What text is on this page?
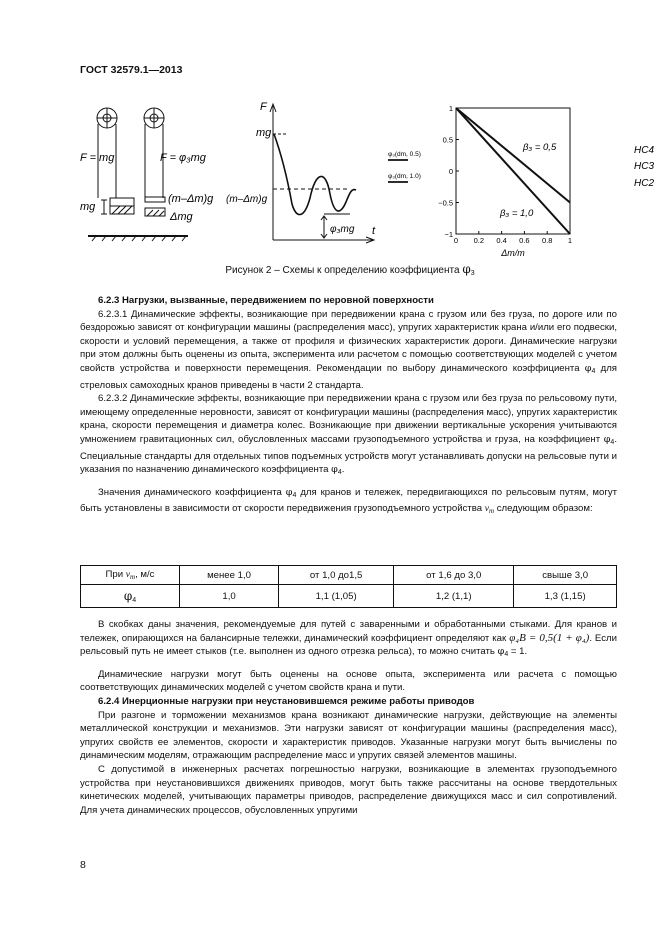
ГОСТ 32579.1—2013
F = mg	F = φ₃mg
mg
(m–Δm)g (m–Δm)g
Δmg
F
mg
φ₃mg t
1
0.5
0
−0.5
−1
0 0.2 0.4 0.6 0.8 1
Δm/m
φ₃(dm, 0.5)
φ₃(dm, 1.0)
β₃ = 0,5
β₃ = 1,0
HC4
HC3
HC2
Рисунок 2 – Схемы к определению коэффициента $\varphi_3$
6.2.3 Нагрузки, вызванные, передвижением по неровной поверхности

6.2.3.1 Динамические эффекты, возникающие при передвижении крана с грузом или без груза, по дороге или по бездорожью зависят от конфигурации машины (распределения масс), упругих характеристик крана и/или его подвески, скорости и условий перемещения, а также от профиля и физических характеристик дороги. Динамические нагрузки при этом должны быть оценены из опыта, эксперимента или расчетом с помощью соответствующих моделей с учетом свойств устройства и поверхности перемещения. Рекомендации по выбору динамического коэффициента $\varphi_4$ для стреловых самоходных кранов приведены в части 2 стандарта.

6.2.3.2 Динамические эффекты, возникающие при передвижении крана с грузом или без груза по рельсовому пути, имеющему определенные неровности, зависят от конфигурации машины (распределения масс), упругих характеристик крана, скорости перемещения и диаметра колес. Возникающие при движении вертикальные ускорения учитываются умножением гравитационных сил, обусловленных массами грузоподъемного устройства и груза, на коэффициент $\varphi_4$. Специальные стандарты для отдельных типов подъемных устройств могут устанавливать допуски на рельсовые пути и указания по назначению динамического коэффициента $\varphi_4$.

Значения динамического коэффициента $\varphi_4$ для кранов и тележек, передвигающихся по рельсовым путям, могут быть установлены в зависимости от скорости передвижения грузоподъемного устройства $v_т$ следующим образом:

При $v_m$, м/с	менее 1,0	от 1,0 до1,5	от 1,6 до 3,0	свыше 3,0
$\varphi_4$	1,0	1,1 (1,05)	1,2 (1,1)	1,3 (1,15)

В скобках даны значения, рекомендуемые для путей с заваренными и обработанными стыками. Для кранов и тележек, опирающихся на балансирные тележки, динамический коэффициент определяют как φ₄B = 0,5(1 + φ₄). Если рельсовый путь не имеет стыков (т.е. выполнен из одного отрезка рельса), то можно считать $\varphi_4 = 1$.

Динамические нагрузки могут быть оценены на основе опыта, эксперимента или расчета с помощью соответствующих динамических моделей с учетом свойств крана и пути.

6.2.4 Инерционные нагрузки при неустановившемся режиме работы приводов

При разгоне и торможении механизмов крана возникают динамические нагрузки, действующие на элементы металлической конструкции и механизмов. Эти нагрузки зависят от конфигурации машины (распределения масс), упругих свойств ее элементов, скорости и характеристик приводов. Указанные нагрузки могут быть вычислены по динамическим моделям, отражающим распределение масс и упругих связей элементов машины.

С допустимой в инженерных расчетах погрешностью нагрузки, возникающие в элементах грузоподъемного устройства при неустановившихся движениях приводов, могут быть также рассчитаны на основе твердотельных кинетических моделей, учитывающих параметры приводов, распределение движущихся масс и сил сопротивлений. Для учета динамических процессов, обусловленных упругими

8
